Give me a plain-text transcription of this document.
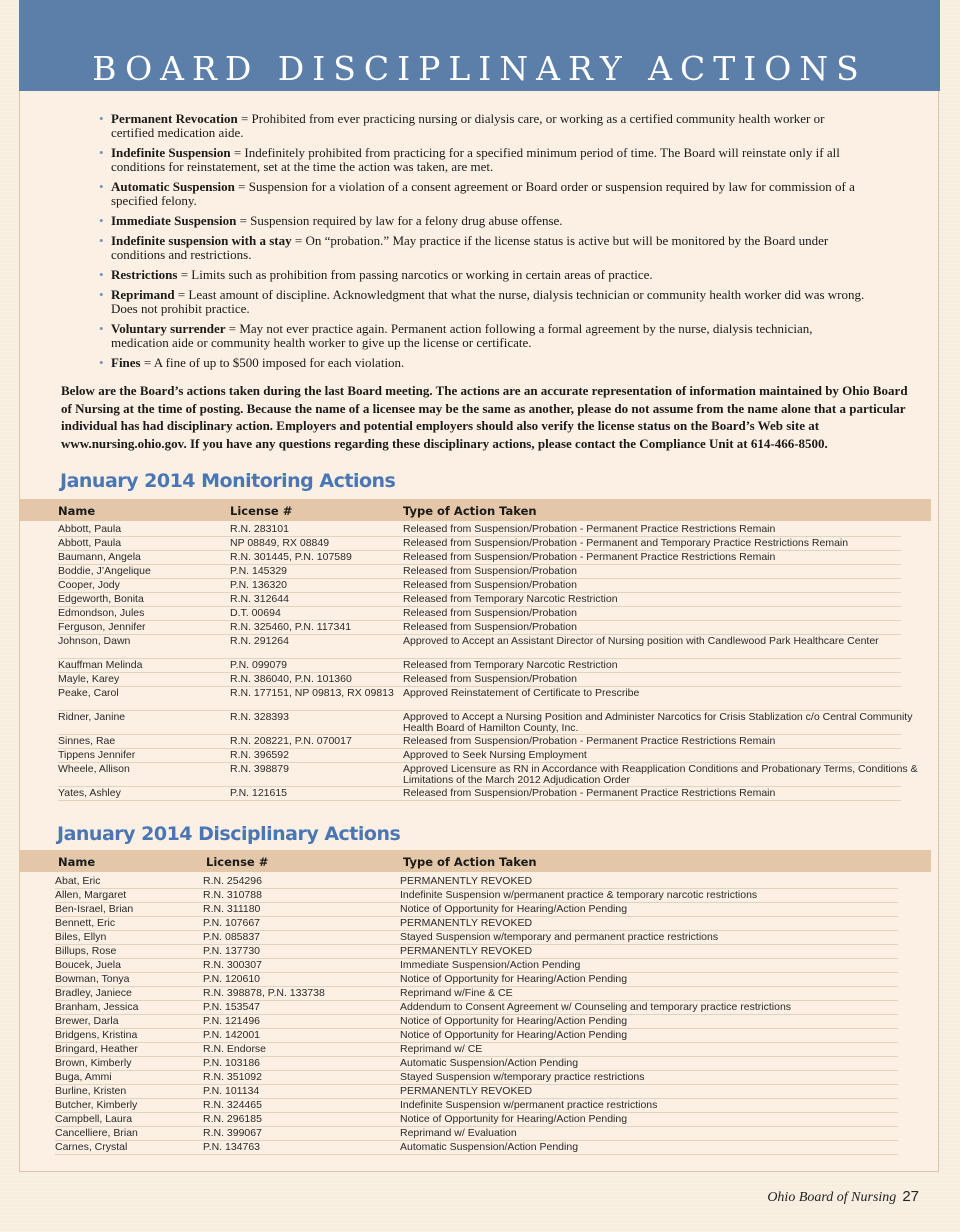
BOARD DISCIPLINARY ACTIONS
• Permanent Revocation = Prohibited from ever practicing nursing or dialysis care, or working as a certified community health worker or certified medication aide.
• Indefinite Suspension = Indefinitely prohibited from practicing for a specified minimum period of time. The Board will reinstate only if all conditions for reinstatement, set at the time the action was taken, are met.
• Automatic Suspension = Suspension for a violation of a consent agreement or Board order or suspension required by law for commission of a specified felony.
• Immediate Suspension = Suspension required by law for a felony drug abuse offense.
• Indefinite suspension with a stay = On “probation.” May practice if the license status is active but will be monitored by the Board under conditions and restrictions.
• Restrictions = Limits such as prohibition from passing narcotics or working in certain areas of practice.
• Reprimand = Least amount of discipline. Acknowledgment that what the nurse, dialysis technician or community health worker did was wrong. Does not prohibit practice.
• Voluntary surrender = May not ever practice again. Permanent action following a formal agreement by the nurse, dialysis technician, medication aide or community health worker to give up the license or certificate.
• Fines = A fine of up to $500 imposed for each violation.

Below are the Board’s actions taken during the last Board meeting. The actions are an accurate representation of information maintained by Ohio Board of Nursing at the time of posting. Because the name of a licensee may be the same as another, please do not assume from the name alone that a particular individual has had disciplinary action. Employers and potential employers should also verify the license status on the Board’s Web site at www.nursing.ohio.gov. If you have any questions regarding these disciplinary actions, please contact the Compliance Unit at 614-466-8500.

January 2014 Monitoring Actions
Name	License #	Type of Action Taken
Abbott, Paula	R.N. 283101	Released from Suspension/Probation - Permanent Practice Restrictions Remain
Abbott, Paula	NP 08849, RX 08849	Released from Suspension/Probation - Permanent and Temporary Practice Restrictions Remain
Baumann, Angela	R.N. 301445, P.N. 107589	Released from Suspension/Probation - Permanent Practice Restrictions Remain
Boddie, J’Angelique	P.N. 145329	Released from Suspension/Probation
Cooper, Jody	P.N. 136320	Released from Suspension/Probation
Edgeworth, Bonita	R.N. 312644	Released from Temporary Narcotic Restriction
Edmondson, Jules	D.T. 00694	Released from Suspension/Probation
Ferguson, Jennifer	R.N. 325460, P.N. 117341	Released from Suspension/Probation
Johnson, Dawn	R.N. 291264	Approved to Accept an Assistant Director of Nursing position with Candlewood Park Healthcare Center
Kauffman Melinda	P.N. 099079	Released from Temporary Narcotic Restriction
Mayle, Karey	R.N. 386040, P.N. 101360	Released from Suspension/Probation
Peake, Carol	R.N. 177151, NP 09813, RX 09813 Approved Reinstatement of Certificate to Prescribe
Ridner, Janine	R.N. 328393	Approved to Accept a Nursing Position and Administer Narcotics for Crisis Stablization c/o Central Community Health Board of Hamilton County, Inc.
Sinnes, Rae	R.N. 208221, P.N. 070017	Released from Suspension/Probation - Permanent Practice Restrictions Remain
Tippens Jennifer	R.N. 396592	Approved to Seek Nursing Employment
Wheele, Allison	R.N. 398879	Approved Licensure as RN in Accordance with Reapplication Conditions and Probationary Terms, Conditions & Limitations of the March 2012 Adjudication Order
Yates, Ashley	P.N. 121615	Released from Suspension/Probation - Permanent Practice Restrictions Remain
January 2014 Disciplinary Actions
Name	License #	Type of Action Taken
Abat, Eric	R.N. 254296	PERMANENTLY REVOKED
Allen, Margaret	R.N. 310788	Indefinite Suspension w/permanent practice & temporary narcotic restrictions
Ben-Israel, Brian	R.N. 311180	Notice of Opportunity for Hearing/Action Pending
Bennett, Eric	P.N. 107667	PERMANENTLY REVOKED
Biles, Ellyn	P.N. 085837	Stayed Suspension w/temporary and permanent practice restrictions
Billups, Rose	P.N. 137730	PERMANENTLY REVOKED
Boucek, Juela	R.N. 300307	Immediate Suspension/Action Pending
Bowman, Tonya	P.N. 120610	Notice of Opportunity for Hearing/Action Pending
Bradley, Janiece	R.N. 398878, P.N. 133738	Reprimand w/Fine & CE
Branham, Jessica	P.N. 153547	Addendum to Consent Agreement w/ Counseling and temporary practice restrictions
Brewer, Darla	P.N. 121496	Notice of Opportunity for Hearing/Action Pending
Bridgens, Kristina	P.N. 142001	Notice of Opportunity for Hearing/Action Pending
Bringard, Heather	R.N. Endorse	Reprimand w/ CE
Brown, Kimberly	P.N. 103186	Automatic Suspension/Action Pending
Buga, Ammi	R.N. 351092	Stayed Suspension w/temporary practice restrictions
Burline, Kristen	P.N. 101134	PERMANENTLY REVOKED
Butcher, Kimberly	R.N. 324465	Indefinite Suspension w/permanent practice restrictions
Campbell, Laura	R.N. 296185	Notice of Opportunity for Hearing/Action Pending
Cancelliere, Brian	R.N. 399067	Reprimand w/ Evaluation
Carnes, Crystal	P.N. 134763	Automatic Suspension/Action Pending
Ohio Board of Nursing 27
